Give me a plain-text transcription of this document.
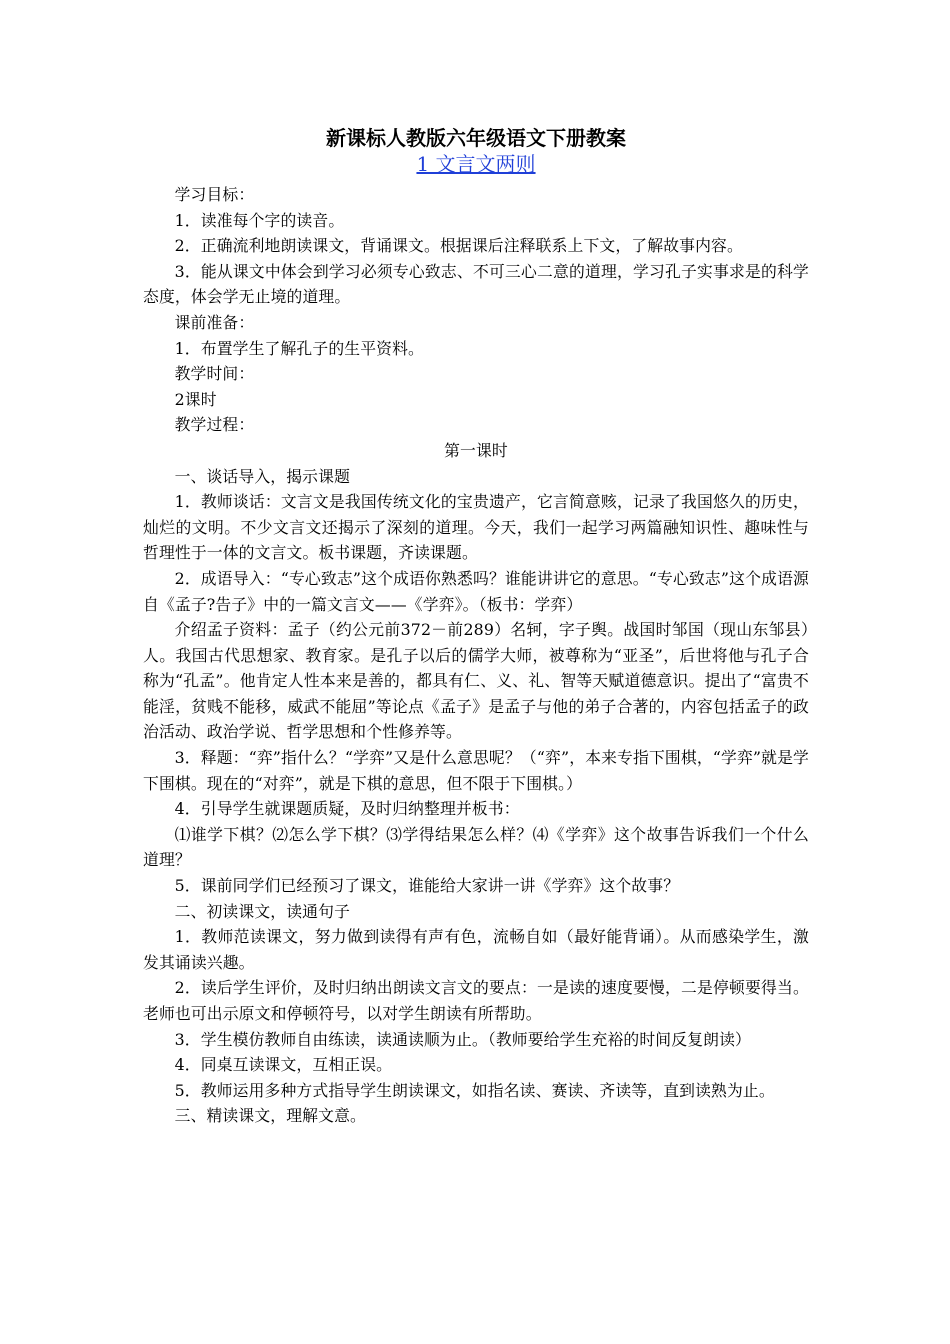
新课标人教版六年级语文下册教案
1 文言文两则

学习目标：

1．读准每个字的读音。

2．正确流利地朗读课文，背诵课文。根据课后注释联系上下文，了解故事内容。

3．能从课文中体会到学习必须专心致志、不可三心二意的道理，学习孔子实事求是的科学态度，体会学无止境的道理。

课前准备：

1．布置学生了解孔子的生平资料。

教学时间：

2课时

教学过程：

第一课时

一、谈话导入，揭示课题

1．教师谈话：文言文是我国传统文化的宝贵遗产，它言简意赅，记录了我国悠久的历史，灿烂的文明。不少文言文还揭示了深刻的道理。今天，我们一起学习两篇融知识性、趣味性与哲理性于一体的文言文。板书课题，齐读课题。

2．成语导入：“专心致志”这个成语你熟悉吗？谁能讲讲它的意思。“专心致志”这个成语源自《孟子?告子》中的一篇文言文——《学弈》。（板书：学弈）

介绍孟子资料：孟子（约公元前372－前289）名轲，字子舆。战国时邹国（现山东邹县）人。我国古代思想家、教育家。是孔子以后的儒学大师，被尊称为“亚圣”，后世将他与孔子合称为“孔孟”。他肯定人性本来是善的，都具有仁、义、礼、智等天赋道德意识。提出了“富贵不能淫，贫贱不能移，威武不能屈”等论点《孟子》是孟子与他的弟子合著的，内容包括孟子的政治活动、政治学说、哲学思想和个性修养等。

3．释题：“弈”指什么？“学弈”又是什么意思呢？（“弈”，本来专指下围棋，“学弈”就是学下围棋。现在的“对弈”，就是下棋的意思，但不限于下围棋。）

4．引导学生就课题质疑，及时归纳整理并板书：

⑴谁学下棋？⑵怎么学下棋？⑶学得结果怎么样？⑷《学弈》这个故事告诉我们一个什么道理？

5．课前同学们已经预习了课文，谁能给大家讲一讲《学弈》这个故事？

二、初读课文，读通句子

1．教师范读课文，努力做到读得有声有色，流畅自如（最好能背诵）。从而感染学生，激发其诵读兴趣。

2．读后学生评价，及时归纳出朗读文言文的要点：一是读的速度要慢，二是停顿要得当。老师也可出示原文和停顿符号，以对学生朗读有所帮助。

3．学生模仿教师自由练读，读通读顺为止。（教师要给学生充裕的时间反复朗读）

4．同桌互读课文，互相正误。

5．教师运用多种方式指导学生朗读课文，如指名读、赛读、齐读等，直到读熟为止。

三、精读课文，理解文意。
